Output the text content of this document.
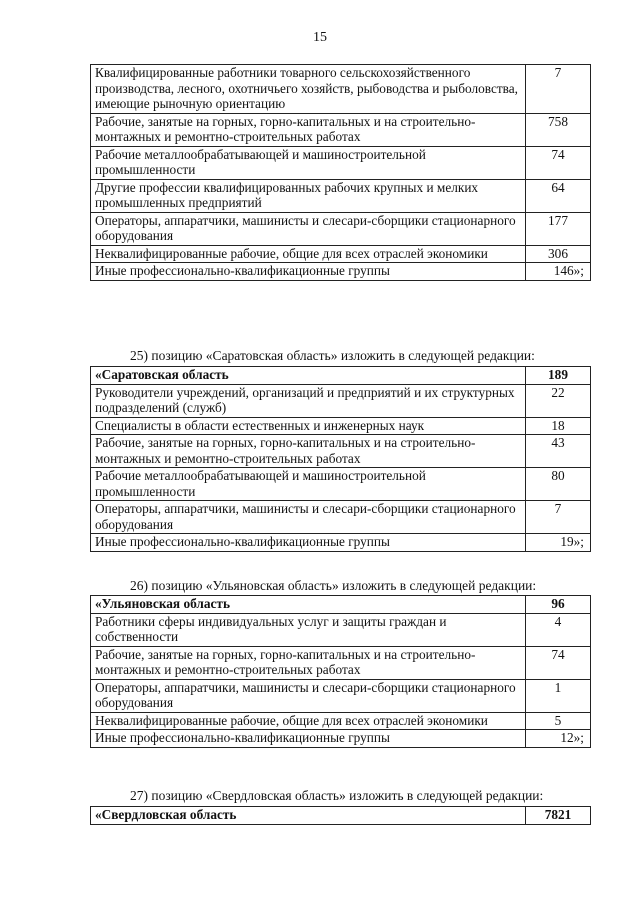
15
Квалифицированные работники товарного сельскохозяйственного производства, лесного, охотничьего хозяйств, рыбоводства и рыболовства, имеющие рыночную ориентацию	7
Рабочие, занятые на горных, горно-капитальных и на строительно-монтажных и ремонтно-строительных работах	758
Рабочие металлообрабатывающей и машиностроительной промышленности	74
Другие профессии квалифицированных рабочих крупных и мелких промышленных предприятий	64
Операторы, аппаратчики, машинисты и слесари-сборщики стационарного оборудования	177
Неквалифицированные рабочие, общие для всех отраслей экономики	306
Иные профессионально-квалификационные группы	146»;
25) позицию «Саратовская область» изложить в следующей редакции:
«Саратовская область	189
Руководители учреждений, организаций и предприятий и их структурных подразделений (служб)	22
Специалисты в области естественных и инженерных наук	18
Рабочие, занятые на горных, горно-капитальных и на строительно-монтажных и ремонтно-строительных работах	43
Рабочие металлообрабатывающей и машиностроительной промышленности	80
Операторы, аппаратчики, машинисты и слесари-сборщики стационарного оборудования	7
Иные профессионально-квалификационные группы	19»;
26) позицию «Ульяновская область» изложить в следующей редакции:
«Ульяновская область	96
Работники сферы индивидуальных услуг и защиты граждан и собственности	4
Рабочие, занятые на горных, горно-капитальных и на строительно-монтажных и ремонтно-строительных работах	74
Операторы, аппаратчики, машинисты и слесари-сборщики стационарного оборудования	1
Неквалифицированные рабочие, общие для всех отраслей экономики	5
Иные профессионально-квалификационные группы	12»;
27) позицию «Свердловская область» изложить в следующей редакции:
«Свердловская область	7821
